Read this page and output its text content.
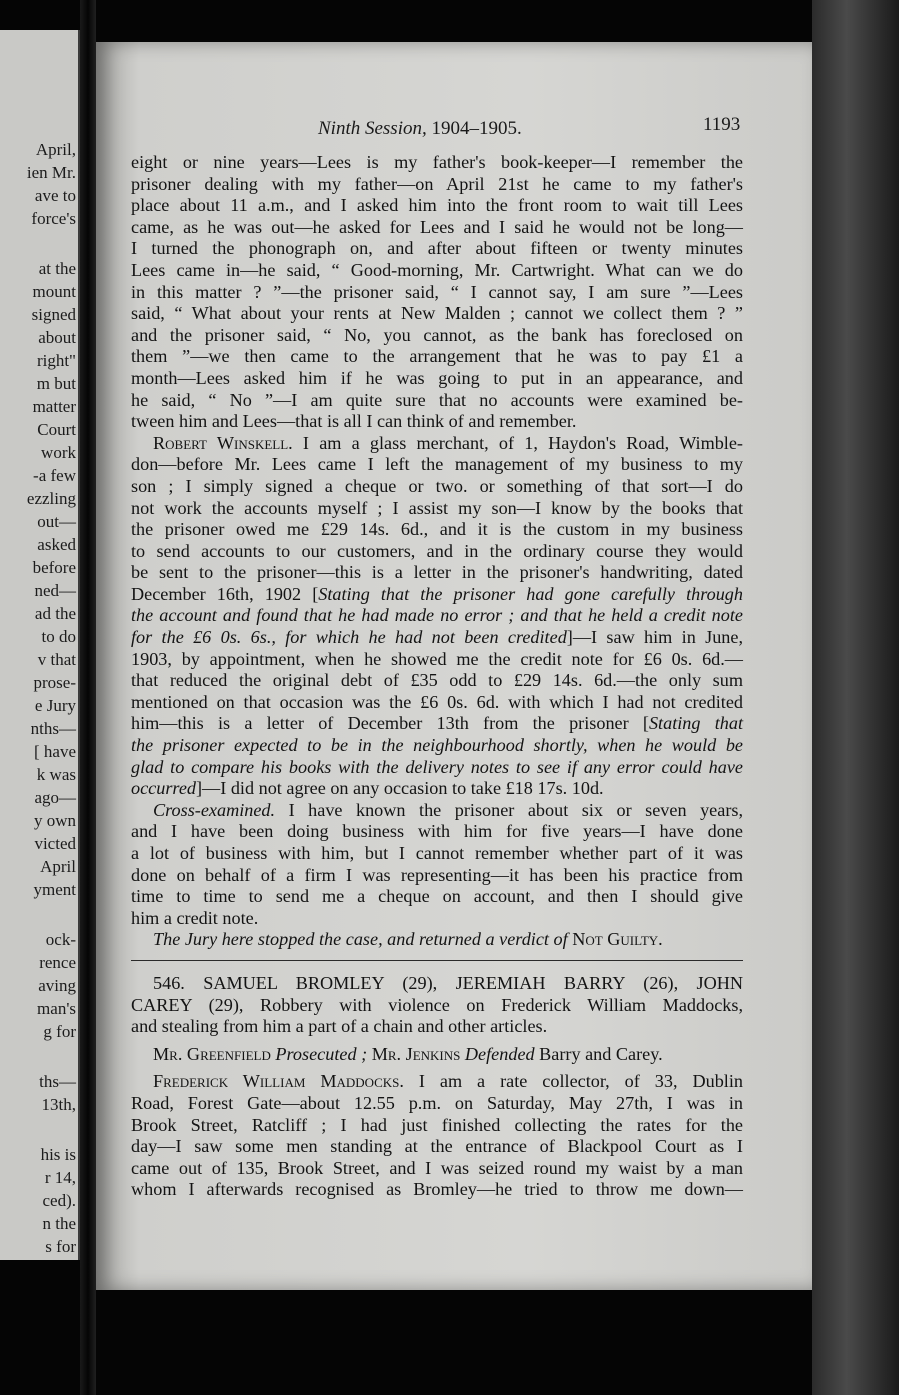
April,
ien Mr.
ave to
force's
at the
mount
signed
about
right"
m but
matter
Court
work
-a few
ezzling
out—
asked
before
ned—
ad the
to do
v that
prose-
e Jury
nths—
[ have
k was
ago—
y own
victed
April
yment
ock-
rence
aving
man's
g for
ths—
13th,
his is
r 14,
ced).
n the
s for
Ninth Session, 1904–1905.	1193
eight or nine years—Lees is my father's book-keeper—I remember the
prisoner dealing with my father—on April 21st he came to my father's
place about 11 a.m., and I asked him into the front room to wait till Lees
came, as he was out—he asked for Lees and I said he would not be long—
I turned the phonograph on, and after about fifteen or twenty minutes
Lees came in—he said, “ Good-morning, Mr. Cartwright. What can we do
in this matter ? ”—the prisoner said, “ I cannot say, I am sure ”—Lees
said, “ What about your rents at New Malden ; cannot we collect them ? ”
and the prisoner said, “ No, you cannot, as the bank has foreclosed on
them ”—we then came to the arrangement that he was to pay £1 a
month—Lees asked him if he was going to put in an appearance, and
he said, “ No ”—I am quite sure that no accounts were examined be-
tween him and Lees—that is all I can think of and remember.
Robert Winskell. I am a glass merchant, of 1, Haydon's Road, Wimble-
don—before Mr. Lees came I left the management of my business to my
son ; I simply signed a cheque or two. or something of that sort—I do
not work the accounts myself ; I assist my son—I know by the books that
the prisoner owed me £29 14s. 6d., and it is the custom in my business
to send accounts to our customers, and in the ordinary course they would
be sent to the prisoner—this is a letter in the prisoner's handwriting, dated
December 16th, 1902 [Stating that the prisoner had gone carefully through
the account and found that he had made no error ; and that he held a credit note
for the £6 0s. 6s., for which he had not been credited]—I saw him in June,
1903, by appointment, when he showed me the credit note for £6 0s. 6d.—
that reduced the original debt of £35 odd to £29 14s. 6d.—the only sum
mentioned on that occasion was the £6 0s. 6d. with which I had not credited
him—this is a letter of December 13th from the prisoner [Stating that
the prisoner expected to be in the neighbourhood shortly, when he would be
glad to compare his books with the delivery notes to see if any error could have
occurred]—I did not agree on any occasion to take £18 17s. 10d.
Cross-examined. I have known the prisoner about six or seven years,
and I have been doing business with him for five years—I have done
a lot of business with him, but I cannot remember whether part of it was
done on behalf of a firm I was representing—it has been his practice from
time to time to send me a cheque on account, and then I should give
him a credit note.
The Jury here stopped the case, and returned a verdict of Not Guilty.
546. SAMUEL BROMLEY (29), JEREMIAH BARRY (26), JOHN
CAREY (29), Robbery with violence on Frederick William Maddocks,
and stealing from him a part of a chain and other articles.
Mr. Greenfield Prosecuted ; Mr. Jenkins Defended Barry and Carey.
Frederick William Maddocks. I am a rate collector, of 33, Dublin
Road, Forest Gate—about 12.55 p.m. on Saturday, May 27th, I was in
Brook Street, Ratcliff ; I had just finished collecting the rates for the
day—I saw some men standing at the entrance of Blackpool Court as I
came out of 135, Brook Street, and I was seized round my waist by a man
whom I afterwards recognised as Bromley—he tried to throw me down—
